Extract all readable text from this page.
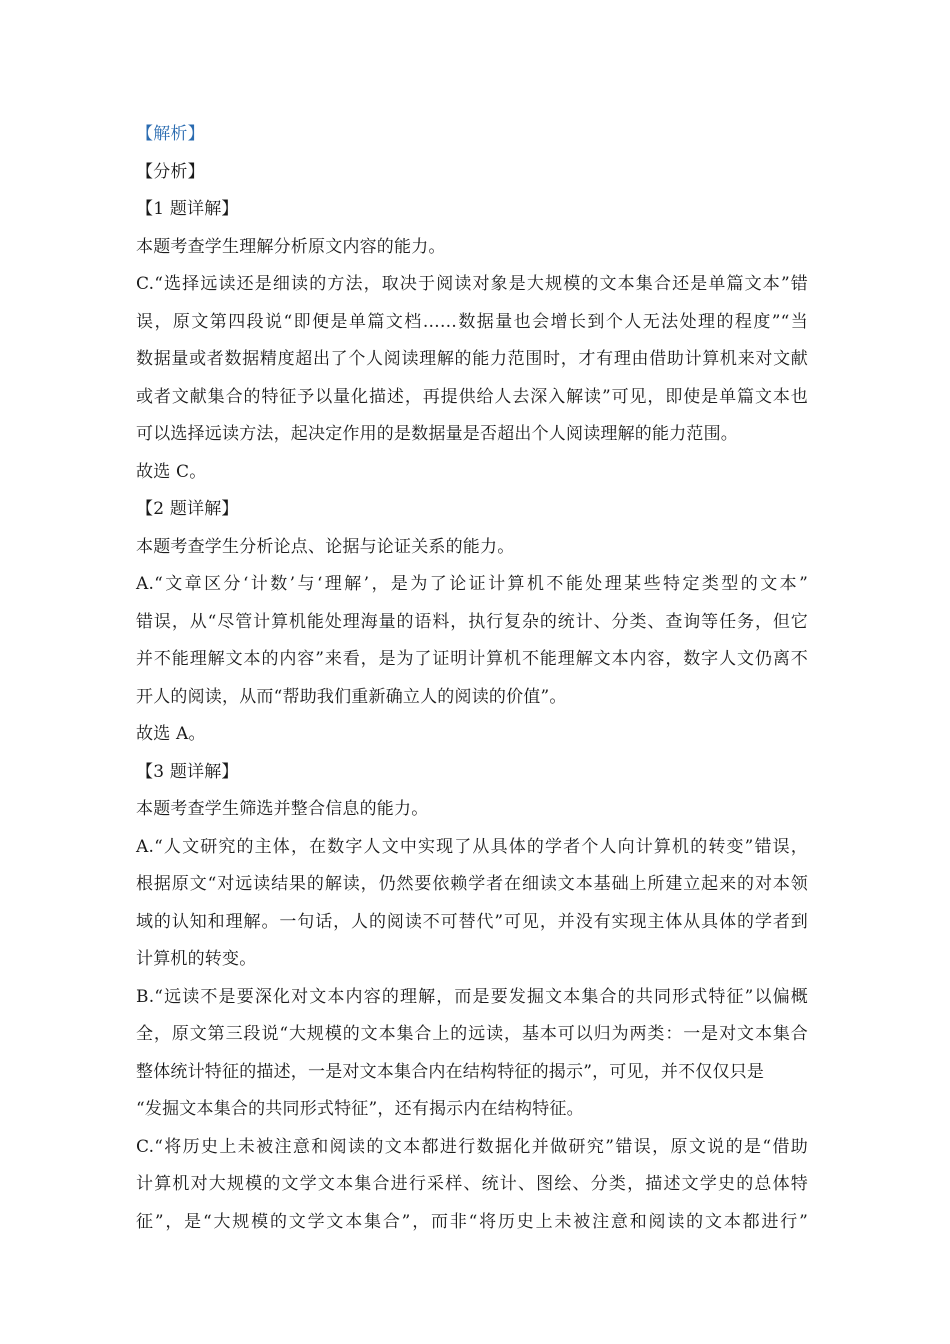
【解析】
【分析】
【1 题详解】
本题考查学生理解分析原文内容的能力。
C.“选择远读还是细读的方法，取决于阅读对象是大规模的文本集合还是单篇文本”错
误，原文第四段说“即便是单篇文档……数据量也会增长到个人无法处理的程度”“当
数据量或者数据精度超出了个人阅读理解的能力范围时，才有理由借助计算机来对文献
或者文献集合的特征予以量化描述，再提供给人去深入解读”可见，即使是单篇文本也
可以选择远读方法，起决定作用的是数据量是否超出个人阅读理解的能力范围。
故选 C。
【2 题详解】
本题考查学生分析论点、论据与论证关系的能力。
A.“文章区分‘计数’与‘理解’，是为了论证计算机不能处理某些特定类型的文本”
错误，从“尽管计算机能处理海量的语料，执行复杂的统计、分类、查询等任务，但它
并不能理解文本的内容”来看，是为了证明计算机不能理解文本内容，数字人文仍离不
开人的阅读，从而“帮助我们重新确立人的阅读的价值”。
故选 A。
【3 题详解】
本题考查学生筛选并整合信息的能力。
A.“人文研究的主体，在数字人文中实现了从具体的学者个人向计算机的转变”错误，
根据原文“对远读结果的解读，仍然要依赖学者在细读文本基础上所建立起来的对本领
域的认知和理解。一句话，人的阅读不可替代”可见，并没有实现主体从具体的学者到
计算机的转变。
B.“远读不是要深化对文本内容的理解，而是要发掘文本集合的共同形式特征”以偏概
全，原文第三段说“大规模的文本集合上的远读，基本可以归为两类：一是对文本集合
整体统计特征的描述，一是对文本集合内在结构特征的揭示”，可见，并不仅仅只是
“发掘文本集合的共同形式特征”，还有揭示内在结构特征。
C.“将历史上未被注意和阅读的文本都进行数据化并做研究”错误，原文说的是“借助
计算机对大规模的文学文本集合进行采样、统计、图绘、分类，描述文学史的总体特
征”，是“大规模的文学文本集合”，而非“将历史上未被注意和阅读的文本都进行”
